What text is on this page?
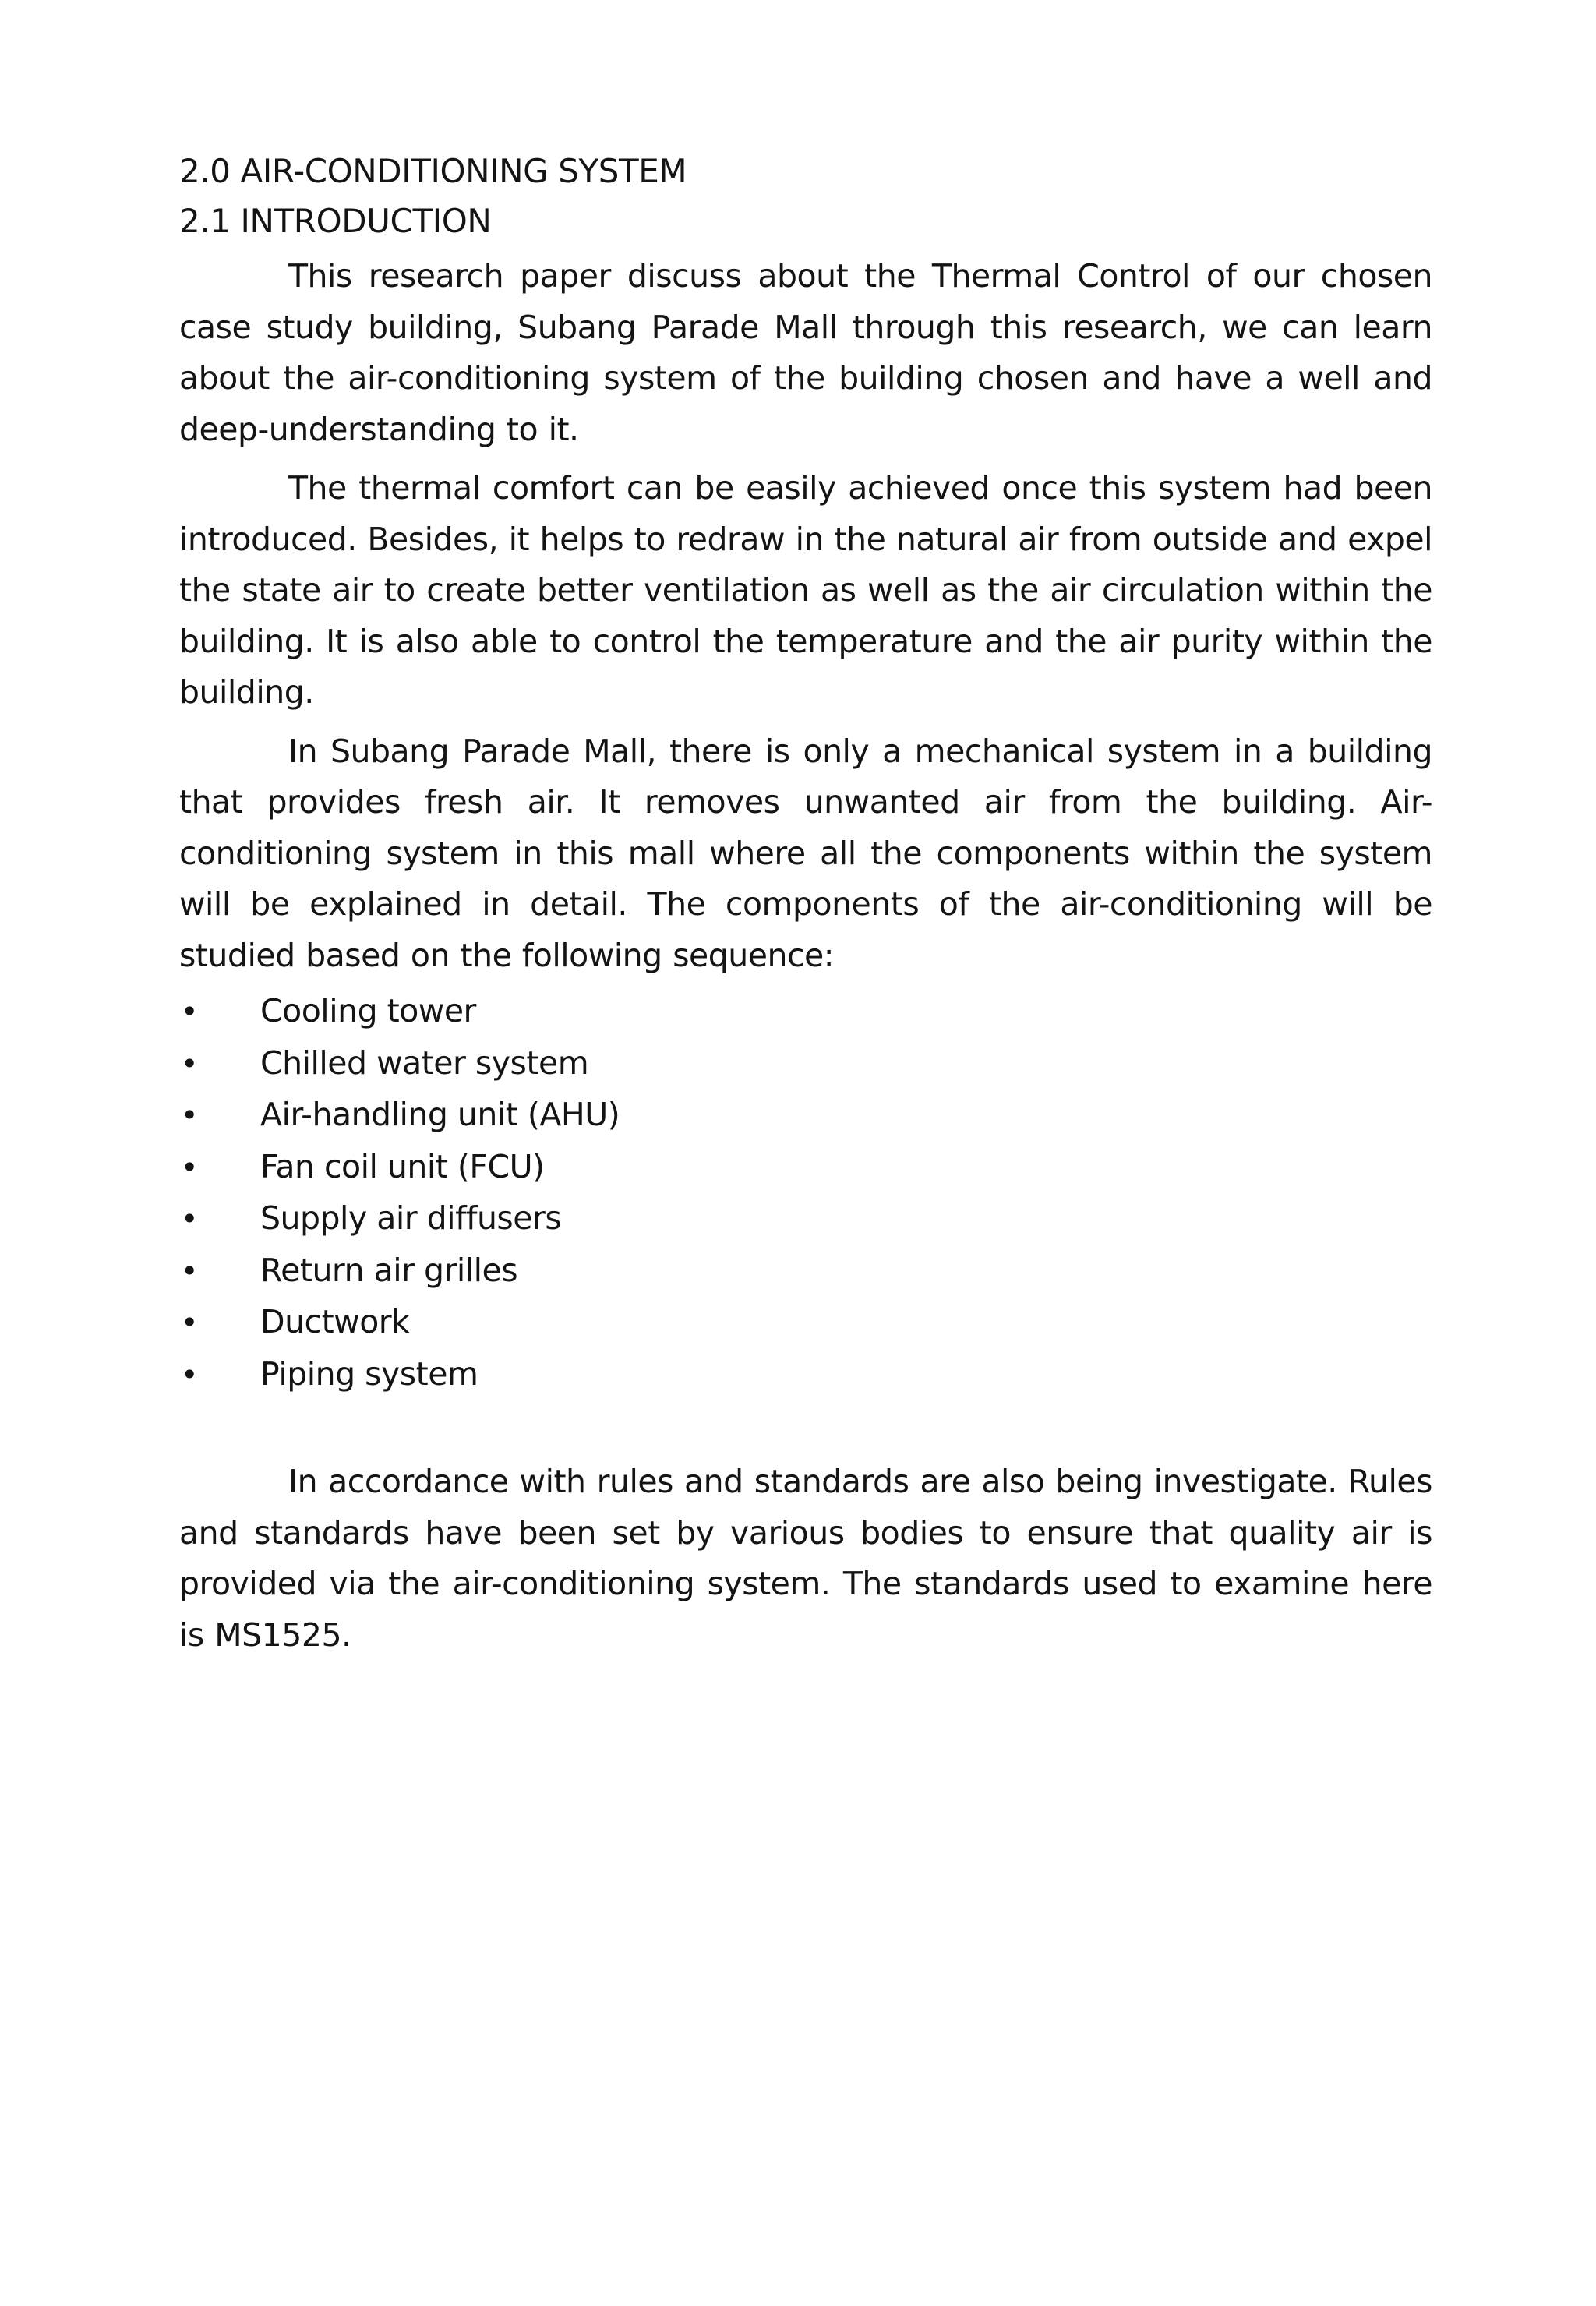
2.0 AIR-CONDITIONING SYSTEM
2.1 INTRODUCTION

This research paper discuss about the Thermal Control of our chosen case study building, Subang Parade Mall through this research, we can learn about the air-conditioning system of the building chosen and have a well and deep-understanding to it.

The thermal comfort can be easily achieved once this system had been introduced. Besides, it helps to redraw in the natural air from outside and expel the state air to create better ventilation as well as the air circulation within the building. It is also able to control the temperature and the air purity within the building.

In Subang Parade Mall, there is only a mechanical system in a building that provides fresh air. It removes unwanted air from the building. Air-conditioning system in this mall where all the components within the system will be explained in detail. The components of the air-conditioning will be studied based on the following sequence:

•	Cooling tower
•	Chilled water system
•	Air-handling unit (AHU)
•	Fan coil unit (FCU)
•	Supply air diffusers
•	Return air grilles
•	Ductwork
•	Piping system

In accordance with rules and standards are also being investigate. Rules and standards have been set by various bodies to ensure that quality air is provided via the air-conditioning system. The standards used to examine here is MS1525.
